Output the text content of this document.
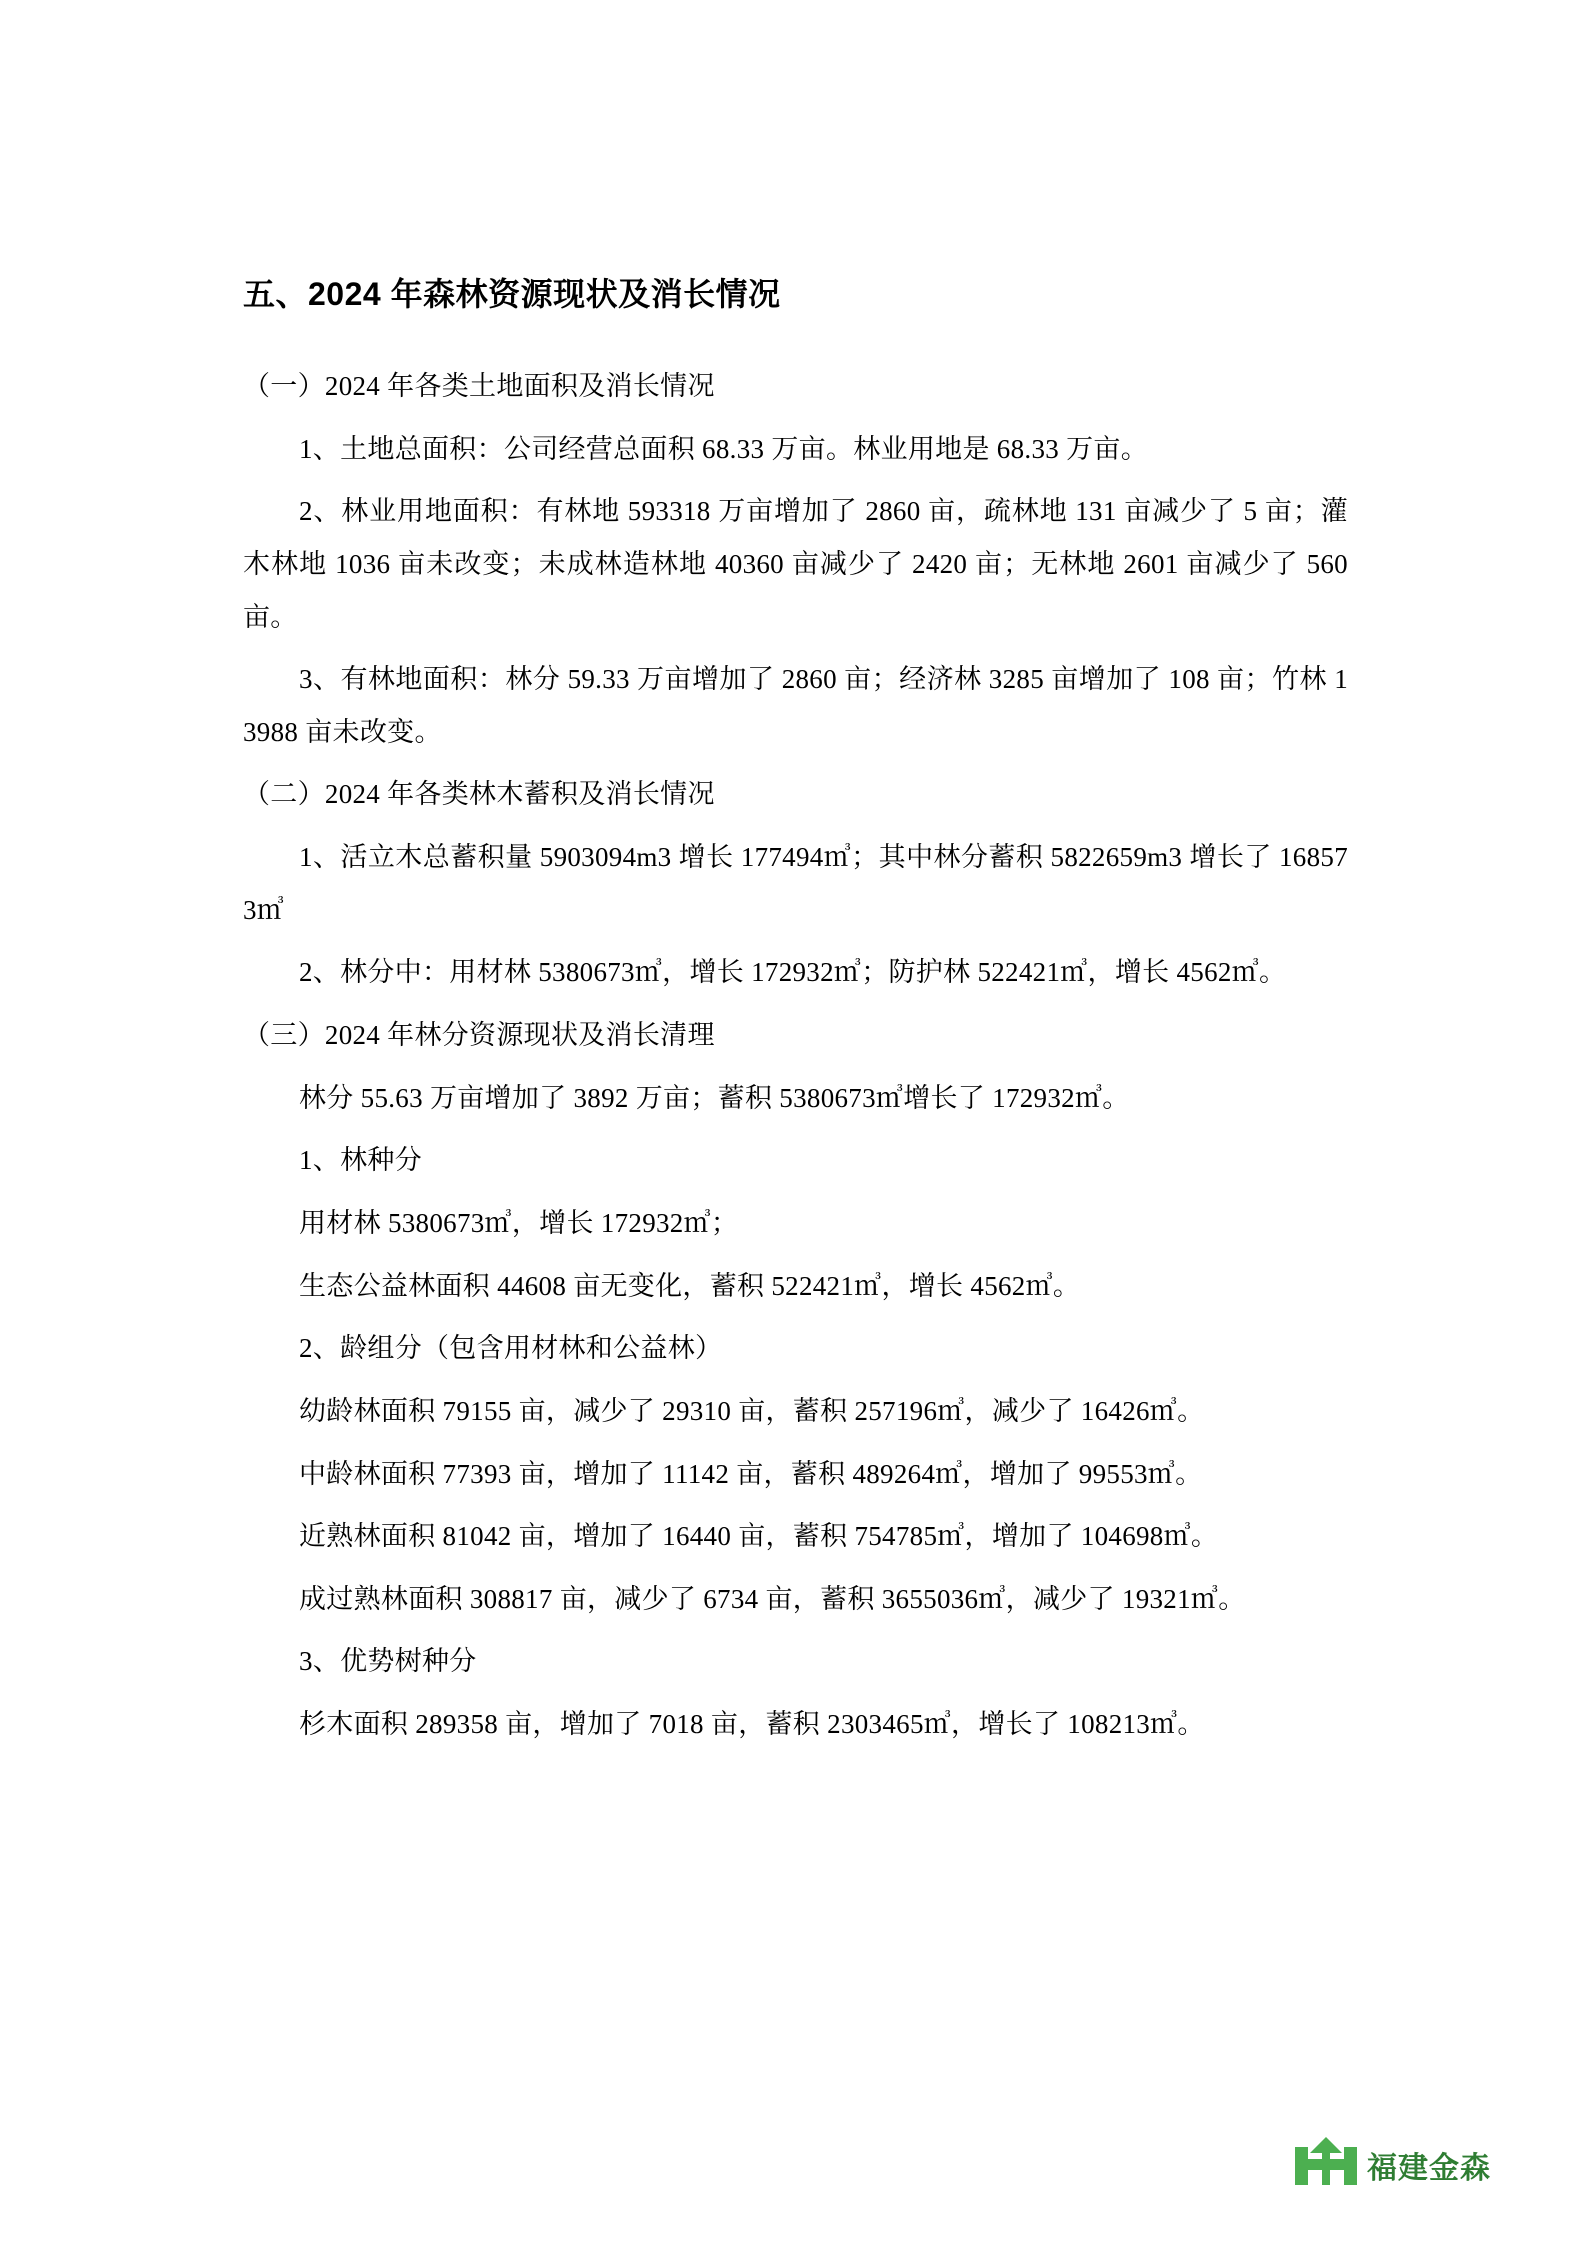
五、2024 年森林资源现状及消长情况

（一）2024 年各类土地面积及消长情况

1、土地总面积：公司经营总面积 68.33 万亩。林业用地是 68.33 万亩。

2、林业用地面积：有林地 593318 万亩增加了 2860 亩，疏林地 131 亩减少了 5 亩；灌木林地 1036 亩未改变；未成林造林地 40360 亩减少了 2420 亩；无林地 2601 亩减少了 560 亩。

3、有林地面积：林分 59.33 万亩增加了 2860 亩；经济林 3285 亩增加了 108 亩；竹林 13988 亩未改变。

（二）2024 年各类林木蓄积及消长情况

1、活立木总蓄积量 5903094m3 增长 177494㎥；其中林分蓄积 5822659m3 增长了 168573㎥

2、林分中：用材林 5380673㎥，增长 172932㎥；防护林 522421㎥，增长 4562㎥。

（三）2024 年林分资源现状及消长清理

林分 55.63 万亩增加了 3892 万亩；蓄积 5380673㎥增长了 172932㎥。

1、林种分

用材林 5380673㎥，增长 172932㎥；

生态公益林面积 44608 亩无变化，蓄积 522421㎥，增长 4562㎥。

2、龄组分（包含用材林和公益林）

幼龄林面积 79155 亩，减少了 29310 亩，蓄积 257196㎥，减少了 16426㎥。

中龄林面积 77393 亩，增加了 11142 亩，蓄积 489264㎥，增加了 99553㎥。

近熟林面积 81042 亩，增加了 16440 亩，蓄积 754785㎥，增加了 104698㎥。

成过熟林面积 308817 亩，减少了 6734 亩，蓄积 3655036㎥，减少了 19321㎥。

3、优势树种分

杉木面积 289358 亩，增加了 7018 亩，蓄积 2303465㎥，增长了 108213㎥。

福建金森
